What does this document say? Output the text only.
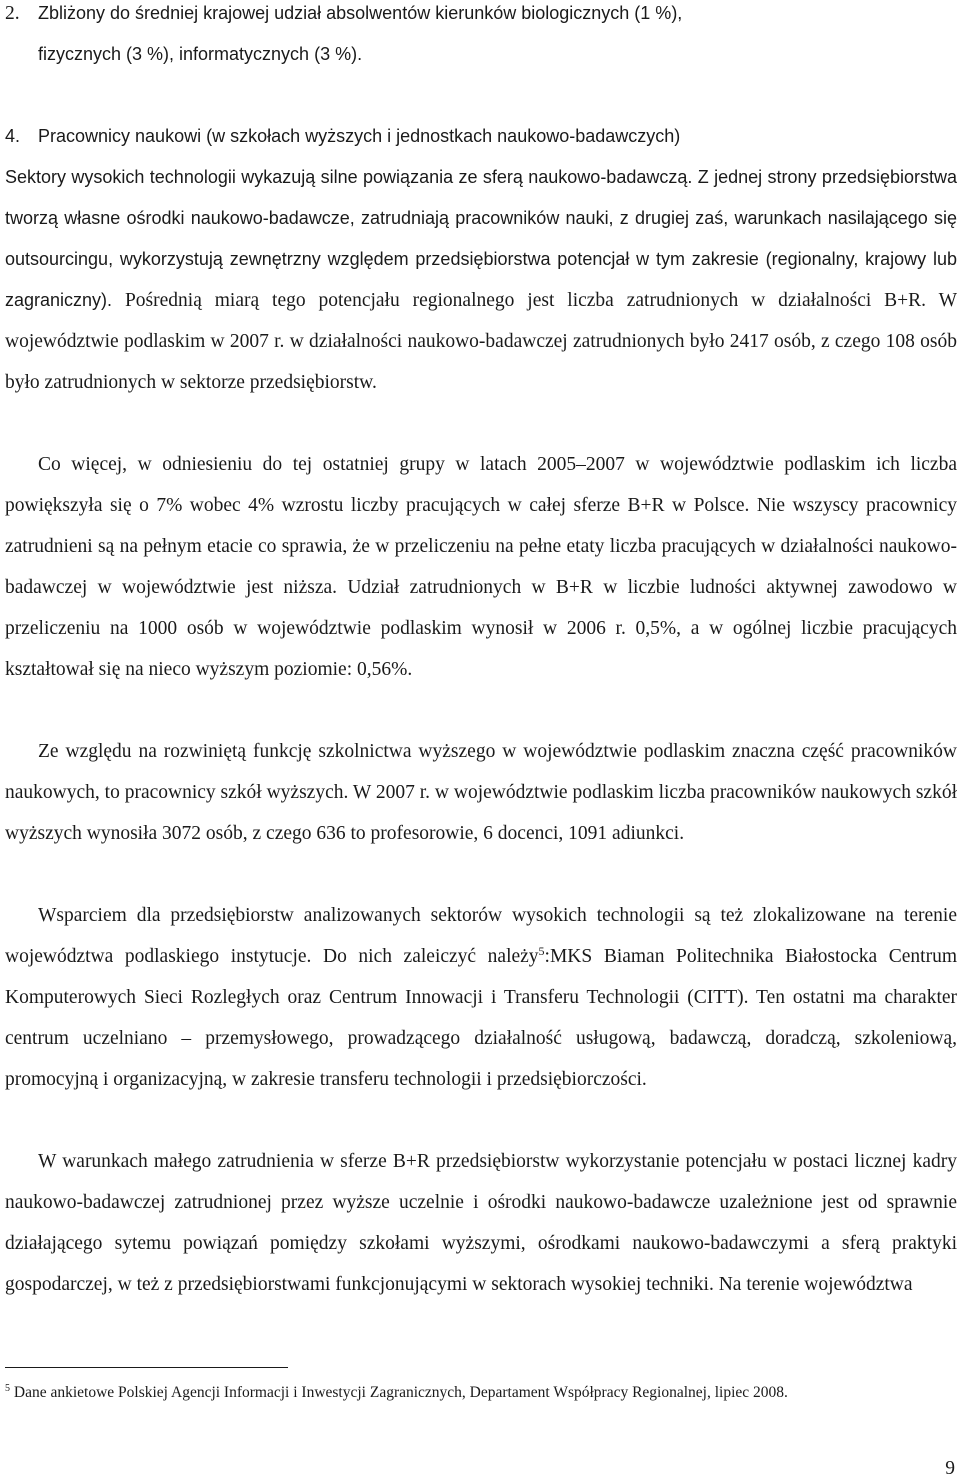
2. Zbliżony do średniej krajowej udział absolwentów kierunków biologicznych (1 %),

fizycznych (3 %), informatycznych (3 %).

4. Pracownicy naukowi (w szkołach wyższych i jednostkach naukowo-badawczych)

Sektory wysokich technologii wykazują silne powiązania ze sferą naukowo-badawczą. Z jednej strony przedsiębiorstwa tworzą własne ośrodki naukowo-badawcze, zatrudniają pracowników nauki, z drugiej zaś, warunkach nasilającego się outsourcingu, wykorzystują zewnętrzny względem przedsiębiorstwa potencjał w tym zakresie (regionalny, krajowy lub zagraniczny). Pośrednią miarą tego potencjału regionalnego jest liczba zatrudnionych w działalności B+R. W województwie podlaskim w 2007 r. w działalności naukowo-badawczej zatrudnionych było 2417 osób, z czego 108 osób było zatrudnionych w sektorze przedsiębiorstw.

Co więcej, w odniesieniu do tej ostatniej grupy w latach 2005–2007 w województwie podlaskim ich liczba powiększyła się o 7% wobec 4% wzrostu liczby pracujących w całej sferze B+R w Polsce. Nie wszyscy pracownicy zatrudnieni są na pełnym etacie co sprawia, że w przeliczeniu na pełne etaty liczba pracujących w działalności naukowo-badawczej w województwie jest niższa. Udział zatrudnionych w B+R w liczbie ludności aktywnej zawodowo w przeliczeniu na 1000 osób w województwie podlaskim wynosił w 2006 r. 0,5%, a w ogólnej liczbie pracujących kształtował się na nieco wyższym poziomie: 0,56%.

Ze względu na rozwiniętą funkcję szkolnictwa wyższego w województwie podlaskim znaczna część pracowników naukowych, to pracownicy szkół wyższych. W 2007 r. w województwie podlaskim liczba pracowników naukowych szkół wyższych wynosiła 3072 osób, z czego 636 to profesorowie, 6 docenci, 1091 adiunkci.

Wsparciem dla przedsiębiorstw analizowanych sektorów wysokich technologii są też zlokalizowane na terenie województwa podlaskiego instytucje. Do nich zaleiczyć należy$^5$:MKS Biaman Politechnika Białostocka Centrum Komputerowych Sieci Rozległych oraz Centrum Innowacji i Transferu Technologii (CITT). Ten ostatni ma charakter centrum uczelniano – przemysłowego, prowadzącego działalność usługową, badawczą, doradczą, szkoleniową, promocyjną i organizacyjną, w zakresie transferu technologii i przedsiębiorczości.

W warunkach małego zatrudnienia w sferze B+R przedsiębiorstw wykorzystanie potencjału w postaci licznej kadry naukowo-badawczej zatrudnionej przez wyższe uczelnie i ośrodki naukowo-badawcze uzależnione jest od sprawnie działającego sytemu powiązań pomiędzy szkołami wyższymi, ośrodkami naukowo-badawczymi a sferą praktyki gospodarczej, w też z przedsiębiorstwami funkcjonującymi w sektorach wysokiej techniki. Na terenie województwa

$^5$ Dane ankietowe Polskiej Agencji Informacji i Inwestycji Zagranicznych, Departament Współpracy Regionalnej, lipiec 2008.

9
